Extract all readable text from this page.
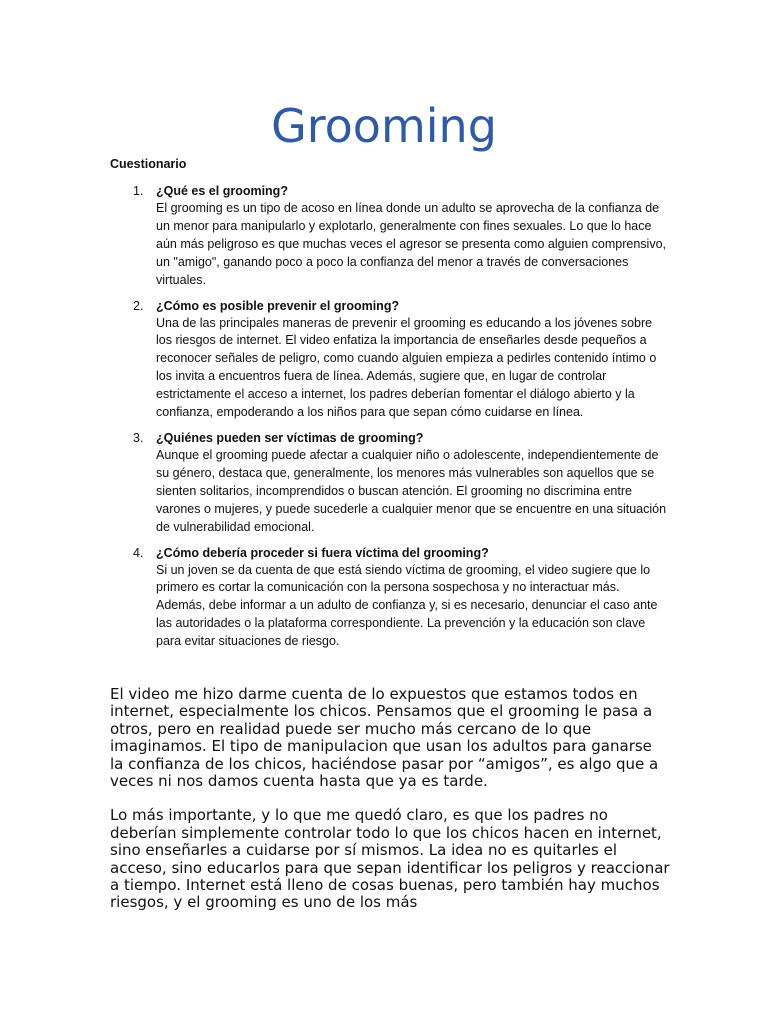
Grooming
Cuestionario
1. ¿Qué es el grooming?
El grooming es un tipo de acoso en línea donde un adulto se aprovecha de la confianza de un menor para manipularlo y explotarlo, generalmente con fines sexuales. Lo que lo hace aún más peligroso es que muchas veces el agresor se presenta como alguien comprensivo, un "amigo", ganando poco a poco la confianza del menor a través de conversaciones virtuales.
2. ¿Cómo es posible prevenir el grooming?
Una de las principales maneras de prevenir el grooming es educando a los jóvenes sobre los riesgos de internet. El video enfatiza la importancia de enseñarles desde pequeños a reconocer señales de peligro, como cuando alguien empieza a pedirles contenido íntimo o los invita a encuentros fuera de línea. Además, sugiere que, en lugar de controlar estrictamente el acceso a internet, los padres deberían fomentar el diálogo abierto y la confianza, empoderando a los niños para que sepan cómo cuidarse en línea.
3. ¿Quiénes pueden ser víctimas de grooming?
Aunque el grooming puede afectar a cualquier niño o adolescente, independientemente de su género, destaca que, generalmente, los menores más vulnerables son aquellos que se sienten solitarios, incomprendidos o buscan atención. El grooming no discrimina entre varones o mujeres, y puede sucederle a cualquier menor que se encuentre en una situación de vulnerabilidad emocional.
4. ¿Cómo debería proceder si fuera víctima del grooming?
Si un joven se da cuenta de que está siendo víctima de grooming, el video sugiere que lo primero es cortar la comunicación con la persona sospechosa y no interactuar más. Además, debe informar a un adulto de confianza y, si es necesario, denunciar el caso ante las autoridades o la plataforma correspondiente. La prevención y la educación son clave para evitar situaciones de riesgo.

El video me hizo darme cuenta de lo expuestos que estamos todos en internet, especialmente los chicos. Pensamos que el grooming le pasa a otros, pero en realidad puede ser mucho más cercano de lo que imaginamos. El tipo de manipulacion que usan los adultos para ganarse la confianza de los chicos, haciéndose pasar por “amigos”, es algo que a veces ni nos damos cuenta hasta que ya es tarde.

Lo más importante, y lo que me quedó claro, es que los padres no deberían simplemente controlar todo lo que los chicos hacen en internet, sino enseñarles a cuidarse por sí mismos. La idea no es quitarles el acceso, sino educarlos para que sepan identificar los peligros y reaccionar a tiempo. Internet está lleno de cosas buenas, pero también hay muchos riesgos, y el grooming es uno de los más
